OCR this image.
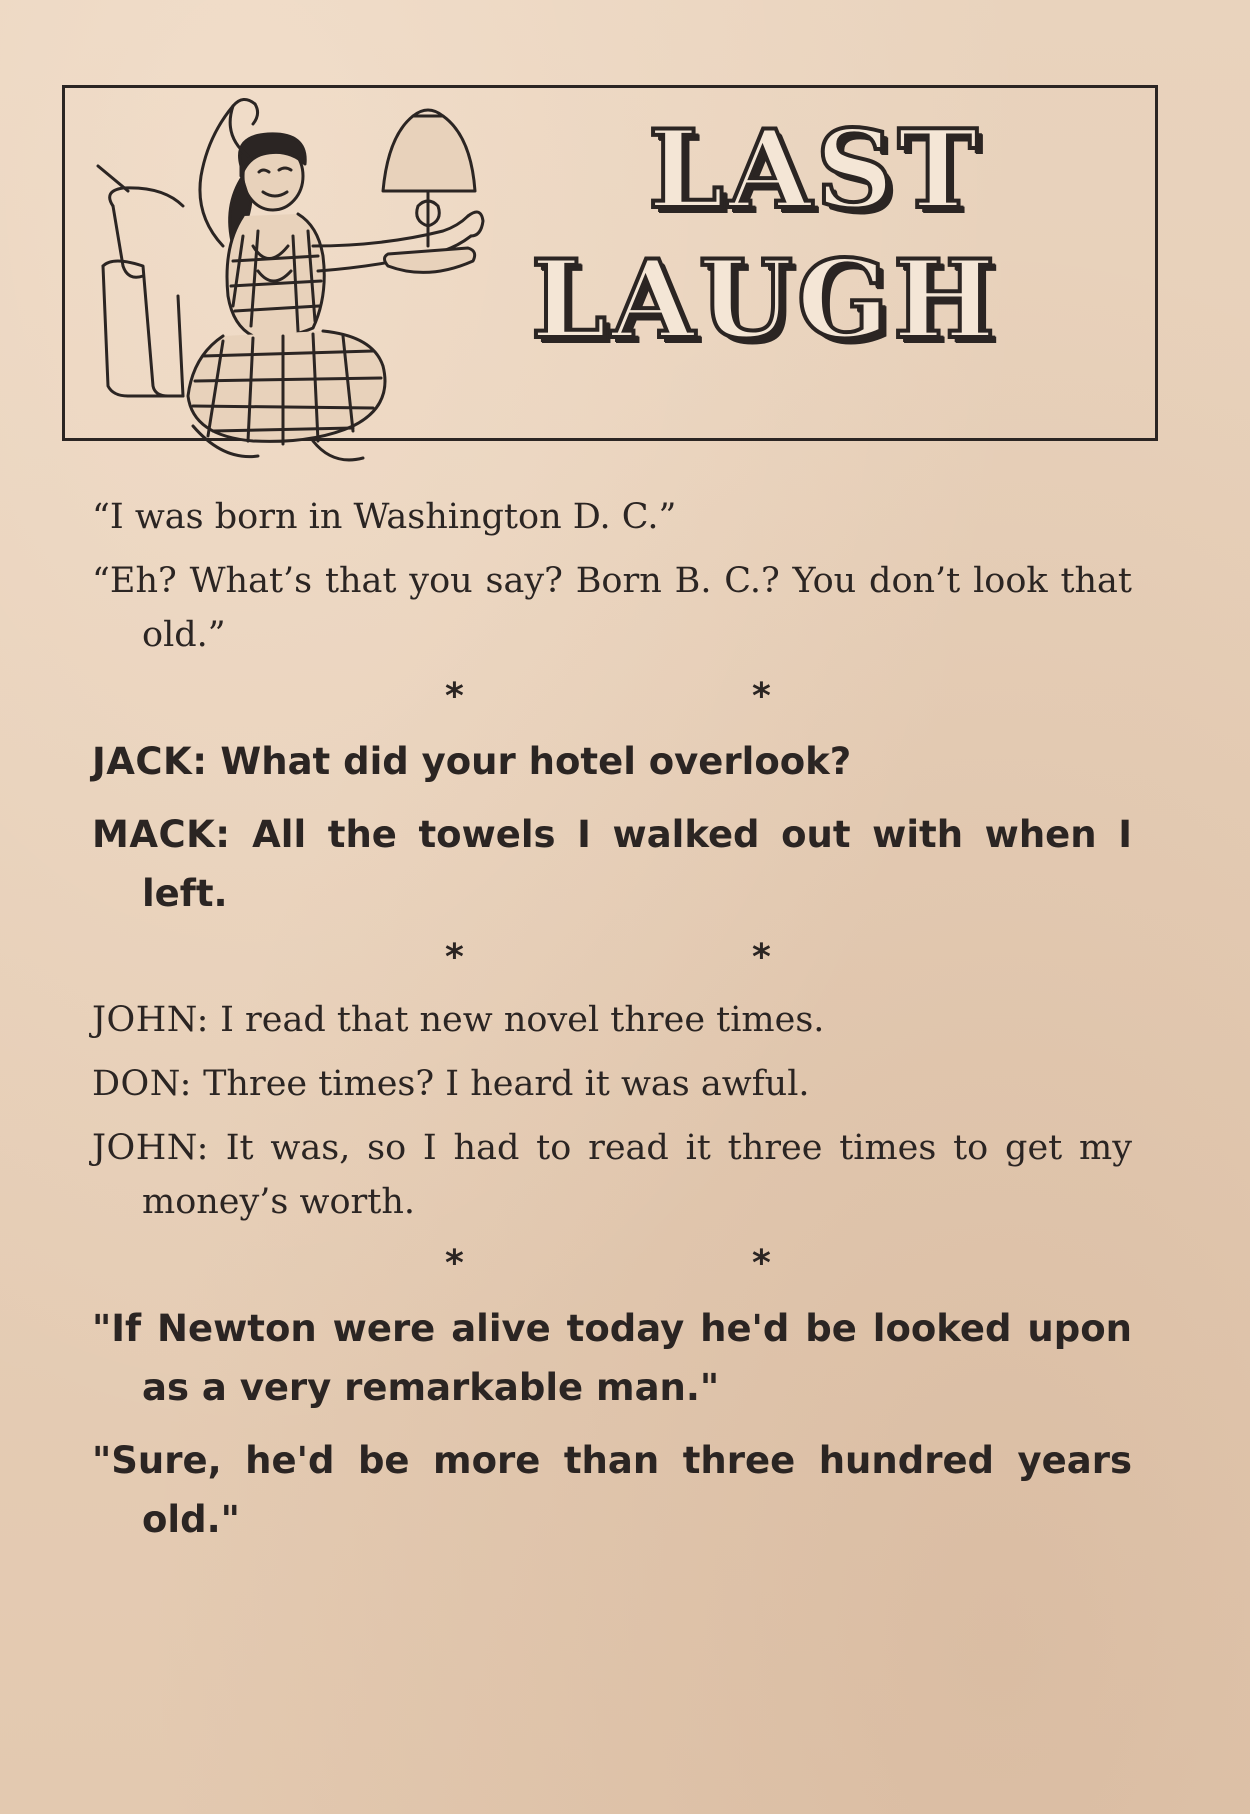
LAST
LAUGH

“I was born in Washington D. C.”

“Eh? What’s that you say? Born B. C.? You don’t look that old.”

*	*

JACK: What did your hotel overlook?

MACK: All the towels I walked out with when I left.

*	*

JOHN: I read that new novel three times.

DON: Three times? I heard it was awful.

JOHN: It was, so I had to read it three times to get my money’s worth.

*	*

"If Newton were alive today he'd be looked upon as a very remarkable man."

"Sure, he'd be more than three hundred years old."
